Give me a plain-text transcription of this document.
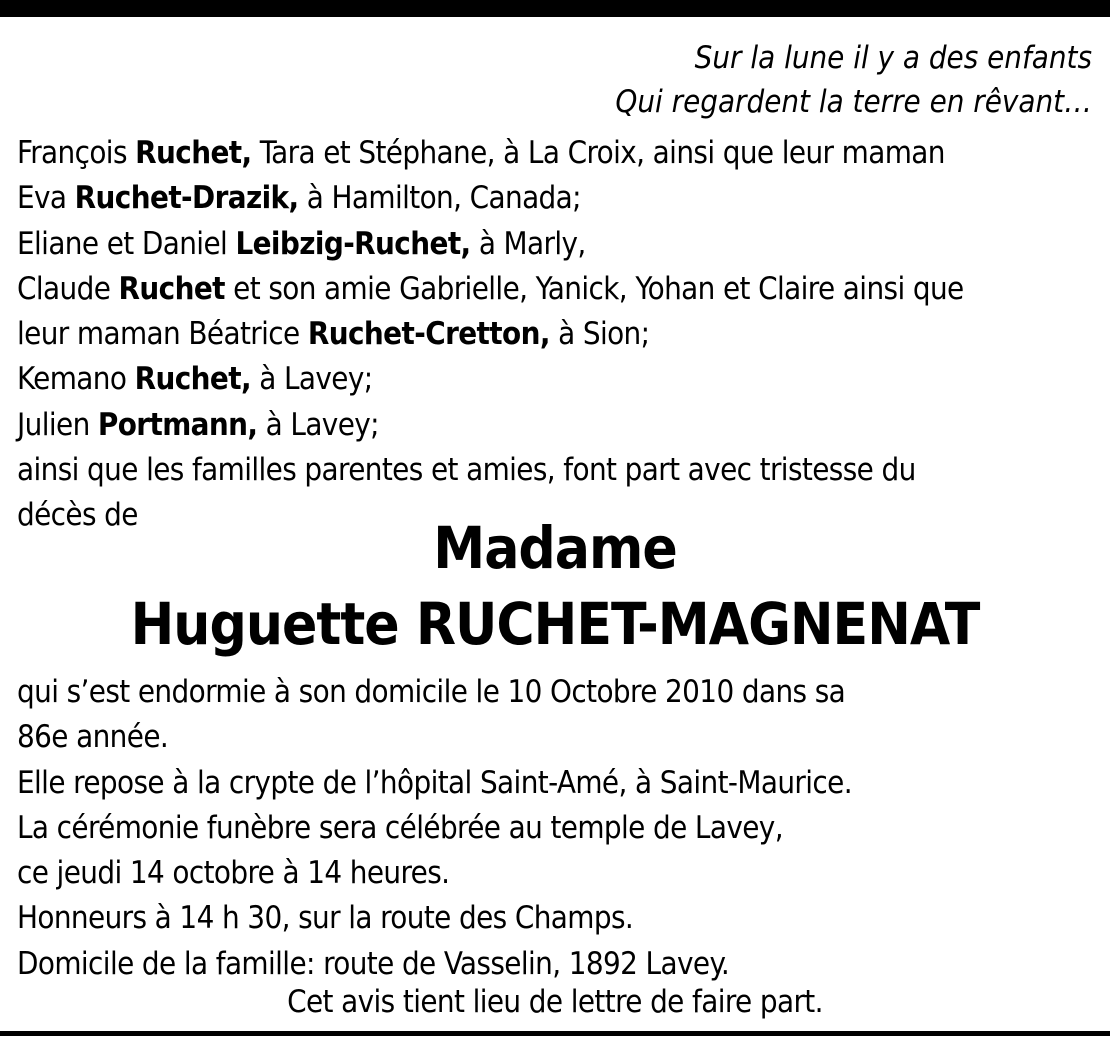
Sur la lune il y a des enfants
Qui regardent la terre en rêvant…
François Ruchet, Tara et Stéphane, à La Croix, ainsi que leur maman
Eva Ruchet-Drazik, à Hamilton, Canada;
Eliane et Daniel Leibzig-Ruchet, à Marly,
Claude Ruchet et son amie Gabrielle, Yanick, Yohan et Claire ainsi que
leur maman Béatrice Ruchet-Cretton, à Sion;
Kemano Ruchet, à Lavey;
Julien Portmann, à Lavey;
ainsi que les familles parentes et amies, font part avec tristesse du
décès de	Madame
Huguette RUCHET-MAGNENAT
qui s’est endormie à son domicile le 10 Octobre 2010 dans sa
86e année.
Elle repose à la crypte de l’hôpital Saint-Amé, à Saint-Maurice.
La cérémonie funèbre sera célébrée au temple de Lavey,
ce jeudi 14 octobre à 14 heures.
Honneurs à 14 h 30, sur la route des Champs.
Domicile de la famille: route de Vasselin, 1892 Lavey.
Cet avis tient lieu de lettre de faire part.
